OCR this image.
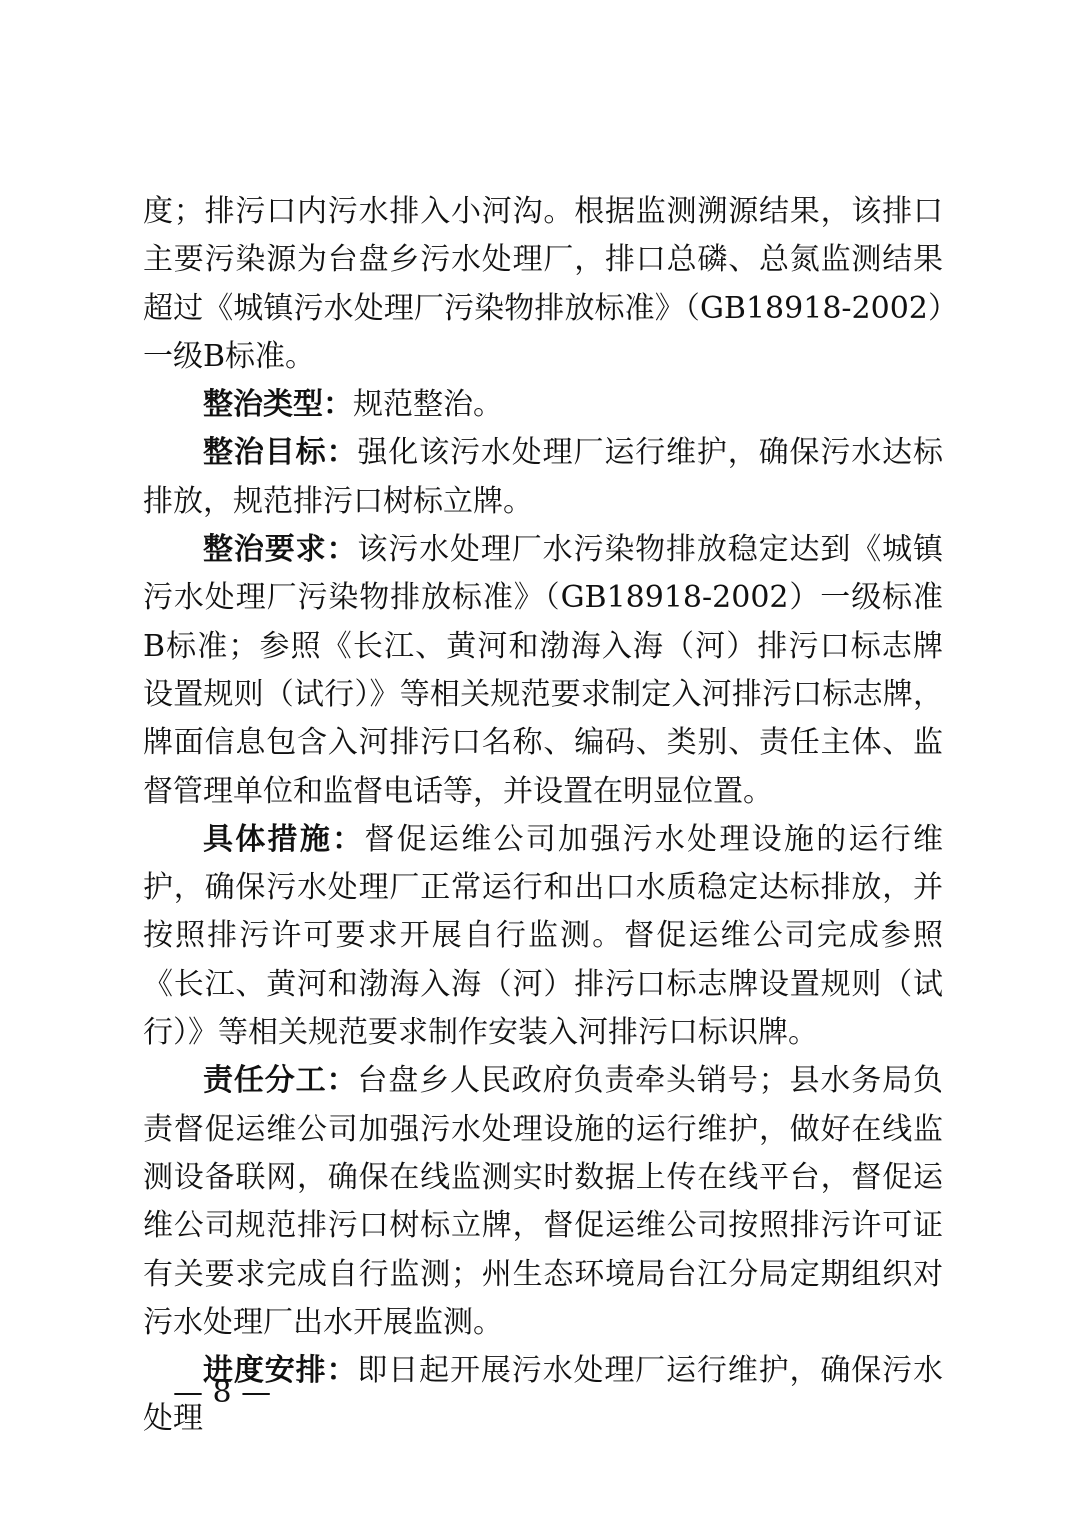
度；排污口内污水排入小河沟。根据监测溯源结果，该排口主要污染源为台盘乡污水处理厂，排口总磷、总氮监测结果超过《城镇污水处理厂污染物排放标准》（GB18918-2002）一级B标准。

整治类型：规范整治。

整治目标：强化该污水处理厂运行维护，确保污水达标排放，规范排污口树标立牌。

整治要求：该污水处理厂水污染物排放稳定达到《城镇污水处理厂污染物排放标准》（GB18918-2002）一级标准B标准；参照《长江、黄河和渤海入海（河）排污口标志牌设置规则（试行）》等相关规范要求制定入河排污口标志牌，牌面信息包含入河排污口名称、编码、类别、责任主体、监督管理单位和监督电话等，并设置在明显位置。

具体措施：督促运维公司加强污水处理设施的运行维护，确保污水处理厂正常运行和出口水质稳定达标排放，并按照排污许可要求开展自行监测。督促运维公司完成参照《长江、黄河和渤海入海（河）排污口标志牌设置规则（试行）》等相关规范要求制作安装入河排污口标识牌。

责任分工：台盘乡人民政府负责牵头销号；县水务局负责督促运维公司加强污水处理设施的运行维护，做好在线监测设备联网，确保在线监测实时数据上传在线平台，督促运维公司规范排污口树标立牌，督促运维公司按照排污许可证有关要求完成自行监测；州生态环境局台江分局定期组织对污水处理厂出水开展监测。

进度安排：即日起开展污水处理厂运行维护，确保污水处理

— 8 —
